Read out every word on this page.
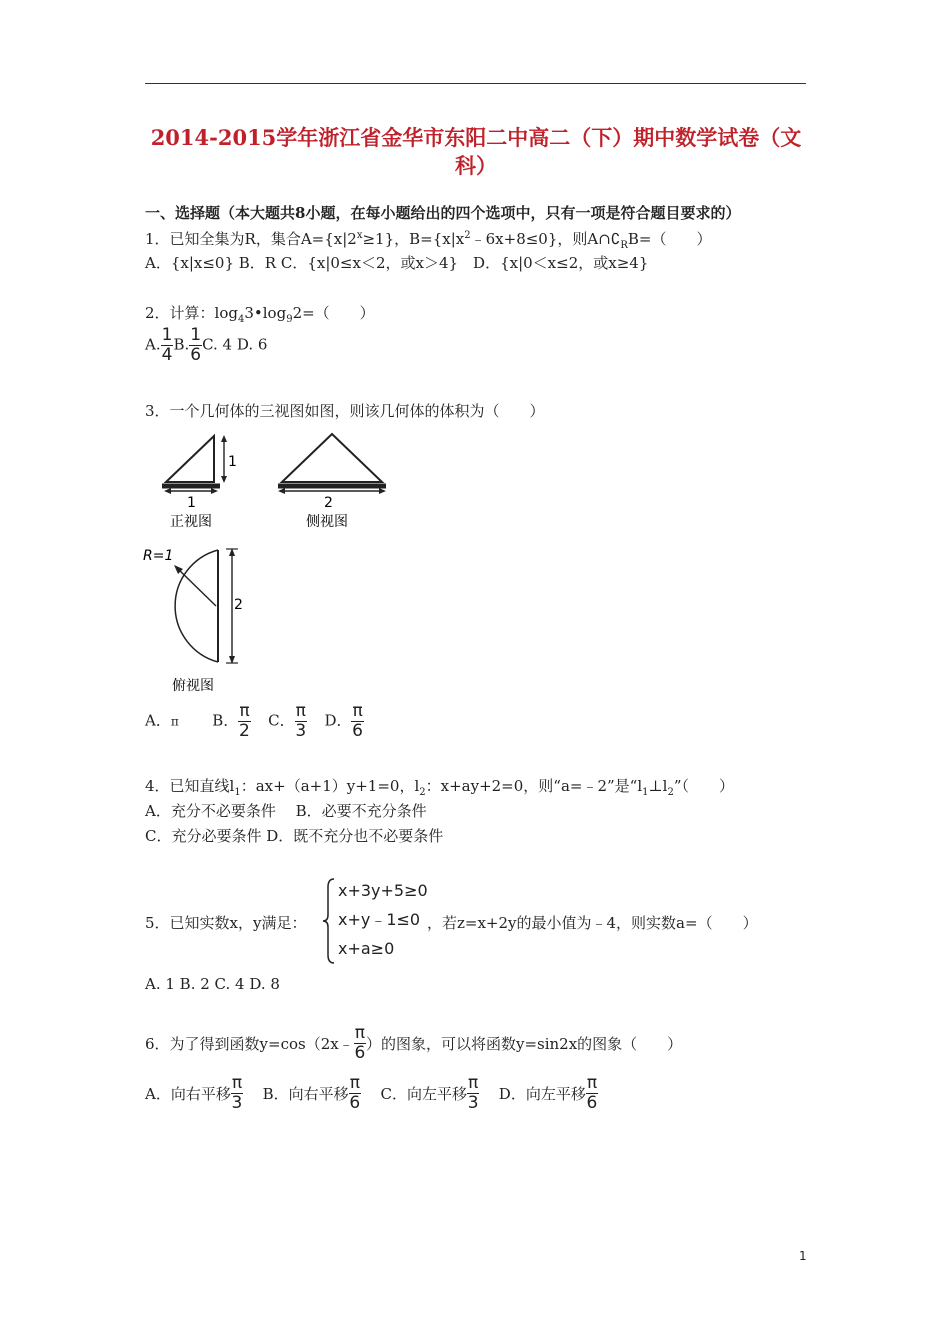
2014-2015学年浙江省金华市东阳二中高二（下）期中数学试卷（文科）
一、选择题（本大题共8小题，在每小题给出的四个选项中，只有一项是符合题目要求的）
1．已知全集为R，集合$A=\{x|2^x\ge 1\}$，$B=\{x|x^2﹣6x+8\le 0\}$，则$A\cap∁_RB=$（　　）
A．{x|x≤0} B．R C．{x|0≤x＜2，或x＞4}　D．{x|0＜x≤2，或x≥4}
2．计算：$\log_43•\log_92=$（　　）
A. $\frac{1}{4} B$. $\frac{1}{6} C$. 4 D. 6
3．一个几何体的三视图如图，则该几何体的体积为（　　）
1
1
正视图
2
侧视图
R=1
2
俯视图
A．π B． $\frac{\pi}{2}$ C． $\frac{\pi}{3}$ D． $\frac{\pi}{6}$
4．已知直线$l_1$：ax+（a+1）y+1=0，$l_2$：x+ay+2=0，则“a=﹣2”是“$l_1\perp l_2$”（　　）
A．充分不必要条件　 B．必要不充分条件
C．充分必要条件 D．既不充分也不必要条件
5．已知实数x，y满足：
x+3y+5≥0
x+y﹣1≤0
x+a≥0
，若z=x+2y的最小值为﹣4，则实数a=（　　）
A. 1 B. 2 C. 4 D. 8
6．为了得到函数y=cos（2x﹣ $\frac{\pi}{6}$ ）的图象，可以将函数y=sin2x的图象（　　）
A．向右平移 $\frac{\pi}{3}$ B．向右平移 $\frac{\pi}{6}$ C．向左平移 $\frac{\pi}{3}$ D．向左平移 $\frac{\pi}{6}$
1
